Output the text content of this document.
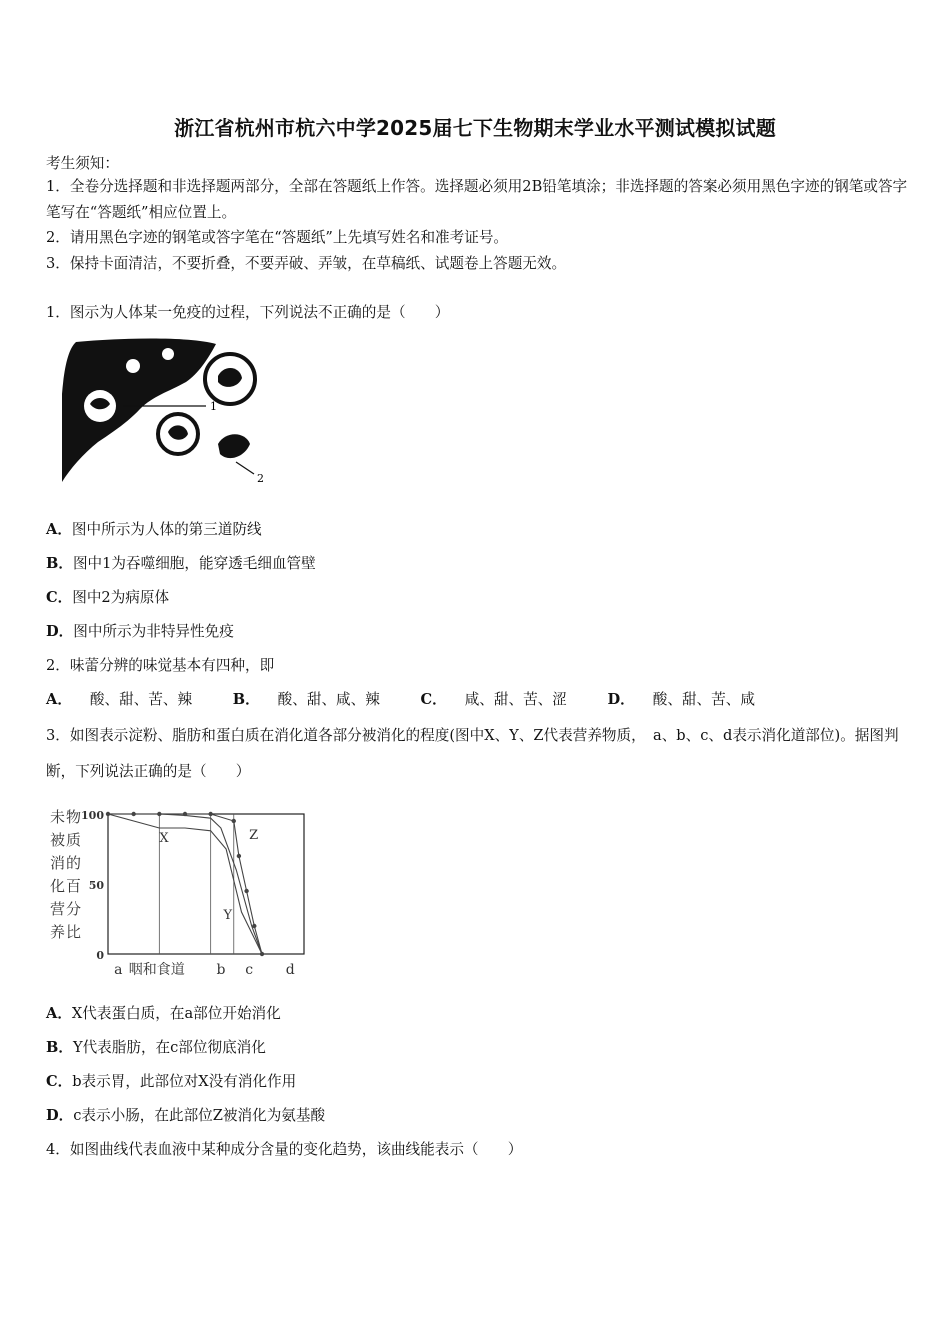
浙江省杭州市杭六中学2025届七下生物期末学业水平测试模拟试题
考生须知：
1．全卷分选择题和非选择题两部分，全部在答题纸上作答。选择题必须用2B铅笔填涂；非选择题的答案必须用黑色字迹的钢笔或答字笔写在“答题纸”相应位置上。
2．请用黑色字迹的钢笔或答字笔在“答题纸”上先填写姓名和准考证号。
3．保持卡面清洁，不要折叠，不要弄破、弄皱，在草稿纸、试题卷上答题无效。
1．图示为人体某一免疫的过程，下列说法不正确的是（　　）
1
2
A．图中所示为人体的第三道防线
B．图中1为吞噬细胞，能穿透毛细血管壁
C．图中2为病原体
D．图中所示为非特异性免疫
2．味蕾分辨的味觉基本有四种，即
A． 酸、甜、苦、辣	B． 酸、甜、咸、辣	C． 咸、甜、苦、涩	D． 酸、甜、苦、咸
3．如图表示淀粉、脂肪和蛋白质在消化道各部分被消化的程度(图中X、Y、Z代表营养物质，　a、b、c、d表示消化道部位)。据图判断，下列说法正确的是（　　）
未
被
消
化
营
养
物
质
的
百
分
比
100
50
0
a 咽和食道 b c d
X
Y
Z
A．X代表蛋白质，在a部位开始消化
B．Y代表脂肪，在c部位彻底消化
C．b表示胃，此部位对X没有消化作用
D．c表示小肠，在此部位Z被消化为氨基酸
4．如图曲线代表血液中某种成分含量的变化趋势，该曲线能表示（　　）
